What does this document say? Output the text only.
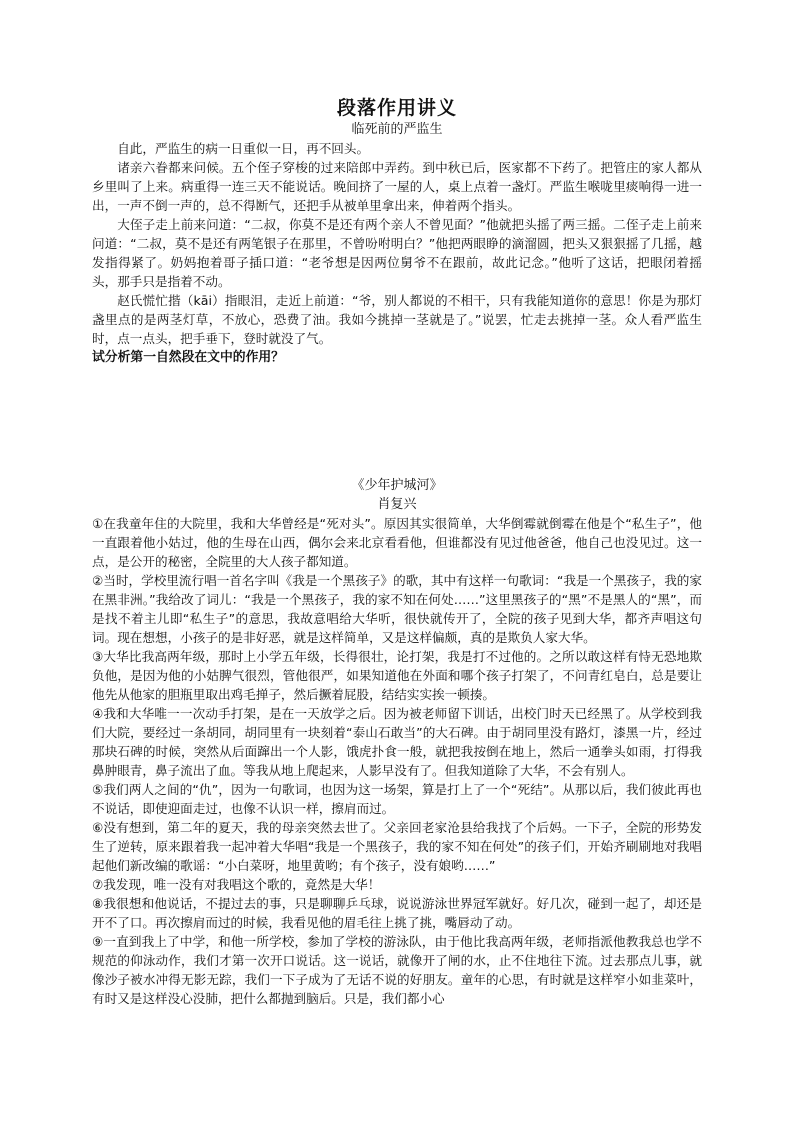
段落作用讲义

临死前的严监生

自此，严监生的病一日重似一日，再不回头。

诸亲六眷都来问候。五个侄子穿梭的过来陪郎中弄药。到中秋已后，医家都不下药了。把管庄的家人都从乡里叫了上来。病重得一连三天不能说话。晚间挤了一屋的人，桌上点着一盏灯。严监生喉咙里痰响得一进一出，一声不倒一声的，总不得断气，还把手从被单里拿出来，伸着两个指头。

大侄子走上前来问道：“二叔，你莫不是还有两个亲人不曾见面？”他就把头摇了两三摇。二侄子走上前来问道：“二叔，莫不是还有两笔银子在那里，不曾吩咐明白？”他把两眼睁的滴溜圆，把头又狠狠摇了几摇，越发指得紧了。奶妈抱着哥子插口道：“老爷想是因两位舅爷不在跟前，故此记念。”他听了这话，把眼闭着摇头，那手只是指着不动。

赵氏慌忙揩（kāi）指眼泪，走近上前道：“爷，别人都说的不相干，只有我能知道你的意思！你是为那灯盏里点的是两茎灯草，不放心，恐费了油。我如今挑掉一茎就是了。”说罢，忙走去挑掉一茎。众人看严监生时，点一点头，把手垂下，登时就没了气。

试分析第一自然段在文中的作用？

《少年护城河》

肖复兴

①在我童年住的大院里，我和大华曾经是“死对头”。原因其实很简单，大华倒霉就倒霉在他是个“私生子”，他一直跟着他小姑过，他的生母在山西，偶尔会来北京看看他，但谁都没有见过他爸爸，他自己也没见过。这一点，是公开的秘密，全院里的大人孩子都知道。

②当时，学校里流行唱一首名字叫《我是一个黑孩子》的歌，其中有这样一句歌词：“我是一个黑孩子，我的家在黑非洲。”我给改了词儿：“我是一个黑孩子，我的家不知在何处……”这里黑孩子的“黑”不是黑人的“黑”，而是找不着主儿即“私生子”的意思，我故意唱给大华听，很快就传开了，全院的孩子见到大华，都齐声唱这句词。现在想想，小孩子的是非好恶，就是这样简单，又是这样偏颇，真的是欺负人家大华。

③大华比我高两年级，那时上小学五年级，长得很壮，论打架，我是打不过他的。之所以敢这样有恃无恐地欺负他，是因为他的小姑脾气很烈，管他很严，如果知道他在外面和哪个孩子打架了，不问青红皂白，总是要让他先从他家的胆瓶里取出鸡毛掸子，然后撅着屁股，结结实实挨一顿揍。

④我和大华唯一一次动手打架，是在一天放学之后。因为被老师留下训话，出校门时天已经黑了。从学校到我们大院，要经过一条胡同，胡同里有一块刻着“泰山石敢当”的大石碑。由于胡同里没有路灯，漆黑一片，经过那块石碑的时候，突然从后面蹿出一个人影，饿虎扑食一般，就把我按倒在地上，然后一通拳头如雨，打得我鼻肿眼青，鼻子流出了血。等我从地上爬起来，人影早没有了。但我知道除了大华，不会有别人。

⑤我们两人之间的“仇”，因为一句歌词，也因为这一场架，算是打上了一个“死结”。从那以后，我们彼此再也不说话，即使迎面走过，也像不认识一样，擦肩而过。

⑥没有想到，第二年的夏天，我的母亲突然去世了。父亲回老家沧县给我找了个后妈。一下子，全院的形势发生了逆转，原来跟着我一起冲着大华唱“我是一个黑孩子，我的家不知在何处”的孩子们，开始齐刷刷地对我唱起他们新改编的歌谣：“小白菜呀，地里黄哟；有个孩子，没有娘哟……”

⑦我发现，唯一没有对我唱这个歌的，竟然是大华！

⑧我很想和他说话，不提过去的事，只是聊聊乒乓球，说说游泳世界冠军就好。好几次，碰到一起了，却还是开不了口。再次擦肩而过的时候，我看见他的眉毛往上挑了挑，嘴唇动了动。

⑨一直到我上了中学，和他一所学校，参加了学校的游泳队，由于他比我高两年级，老师指派他教我总也学不规范的仰泳动作，我们才第一次开口说话。这一说话，就像开了闸的水，止不住地往下流。过去那点儿事，就像沙子被水冲得无影无踪，我们一下子成为了无话不说的好朋友。童年的心思，有时就是这样窄小如韭菜叶，有时又是这样没心没肺，把什么都抛到脑后。只是，我们都小心
